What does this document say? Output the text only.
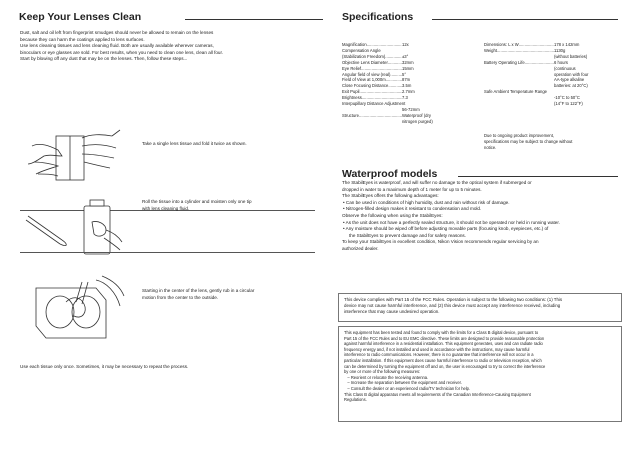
Keep Your Lenses Clean
Dust, salt and oil left from fingerprint smudges should never be allowed to remain on the lenses
because they can harm the coatings applied to lens surfaces.
Use lens cleaning tissues and lens cleaning fluid. Both are usually available wherever cameras,
binoculars or eye glasses are sold. For best results, when you need to clean one lens, clean all four.
Start by blowing off any dust that may be on the lenses. Then, follow these steps...
Take a single lens tissue and fold it twice as shown.
Roll the tissue into a cylinder and moisten only one tip
with lens cleaning fluid.
Starting in the center of the lens, gently rub in a circular
motion from the center to the outside.
Use each tissue only once. Sometimes, it may be necessary to repeat the process.
Specifications
Magnification .....	12x
Compensation Angle
(Stabilization Freedom) .....	±3°
Objective Lens Diameter .....	32mm
Eye Relief .....	15mm
Angular field of view (real) .....	5°
Field of View at 1,000m .....	87m
Close Focusing Distance .....	3.5m
Exit Pupil .....	2.7mm
Brightness .....	7.3
Interpupillary Distance Adjustment
56-72mm
Structure .....	Waterproof (dry
nitrogen purged)
Dimensions: L x W .....	178 x 142mm
Weight .....	1130g
(without batteries)
Battery Operating Life .....	6 hours
(continuous
operation with four
AA-type alkaline
batteries: at 20°C)
Safe Ambient Temperature Range
-10°C to 50°C
(14°F to 122°F)
Due to ongoing product improvement,
specifications may be subject to change without
notice.
Waterproof models
The StabilEyes is waterproof, and will suffer no damage to the optical system if submerged or
dropped in water to a maximum depth of 1 meter for up to 5 minutes.
The StabilEyes offers the following advantages:
• Can be used in conditions of high humidity, dust and rain without risk of damage.
• Nitrogen-filled design makes it resistant to condensation and mold.
Observe the following when using the StabilEyes:
• As the unit does not have a perfectly sealed structure, it should not be operated nor held in running water.
• Any moisture should be wiped off before adjusting movable parts (focusing knob, eyepieces, etc.) of
the StabilEyes to prevent damage and for safety reasons.
To keep your StabilEyes in excellent condition, Nikon Vision recommends regular servicing by an
authorized dealer.
This device complies with Part 15 of the FCC Rules. Operation is subject to the following two conditions: (1) This
device may not cause harmful interference, and (2) this device must accept any interference received, including
interference that may cause undesired operation.
This equipment has been tested and found to comply with the limits for a Class B digital device, pursuant to
Part 15 of the FCC Rules and to EU EMC directive. These limits are designed to provide reasonable protection
against harmful interference in a residential installation. This equipment generates, uses and can radiate radio
frequency energy and, if not installed and used in accordance with the instructions, may cause harmful
interference to radio communications. However, there is no guarantee that interference will not occur in a
particular installation. If this equipment does cause harmful interference to radio or television reception, which
can be determined by turning the equipment off and on, the user is encouraged to try to correct the interference
by one or more of the following measures:
– Reorient or relocate the receiving antenna.
– Increase the separation between the equipment and receiver.
– Consult the dealer or an experienced radio/TV technician for help.
This Class B digital apparatus meets all requirements of the Canadian Interference-Causing Equipment
Regulations.
